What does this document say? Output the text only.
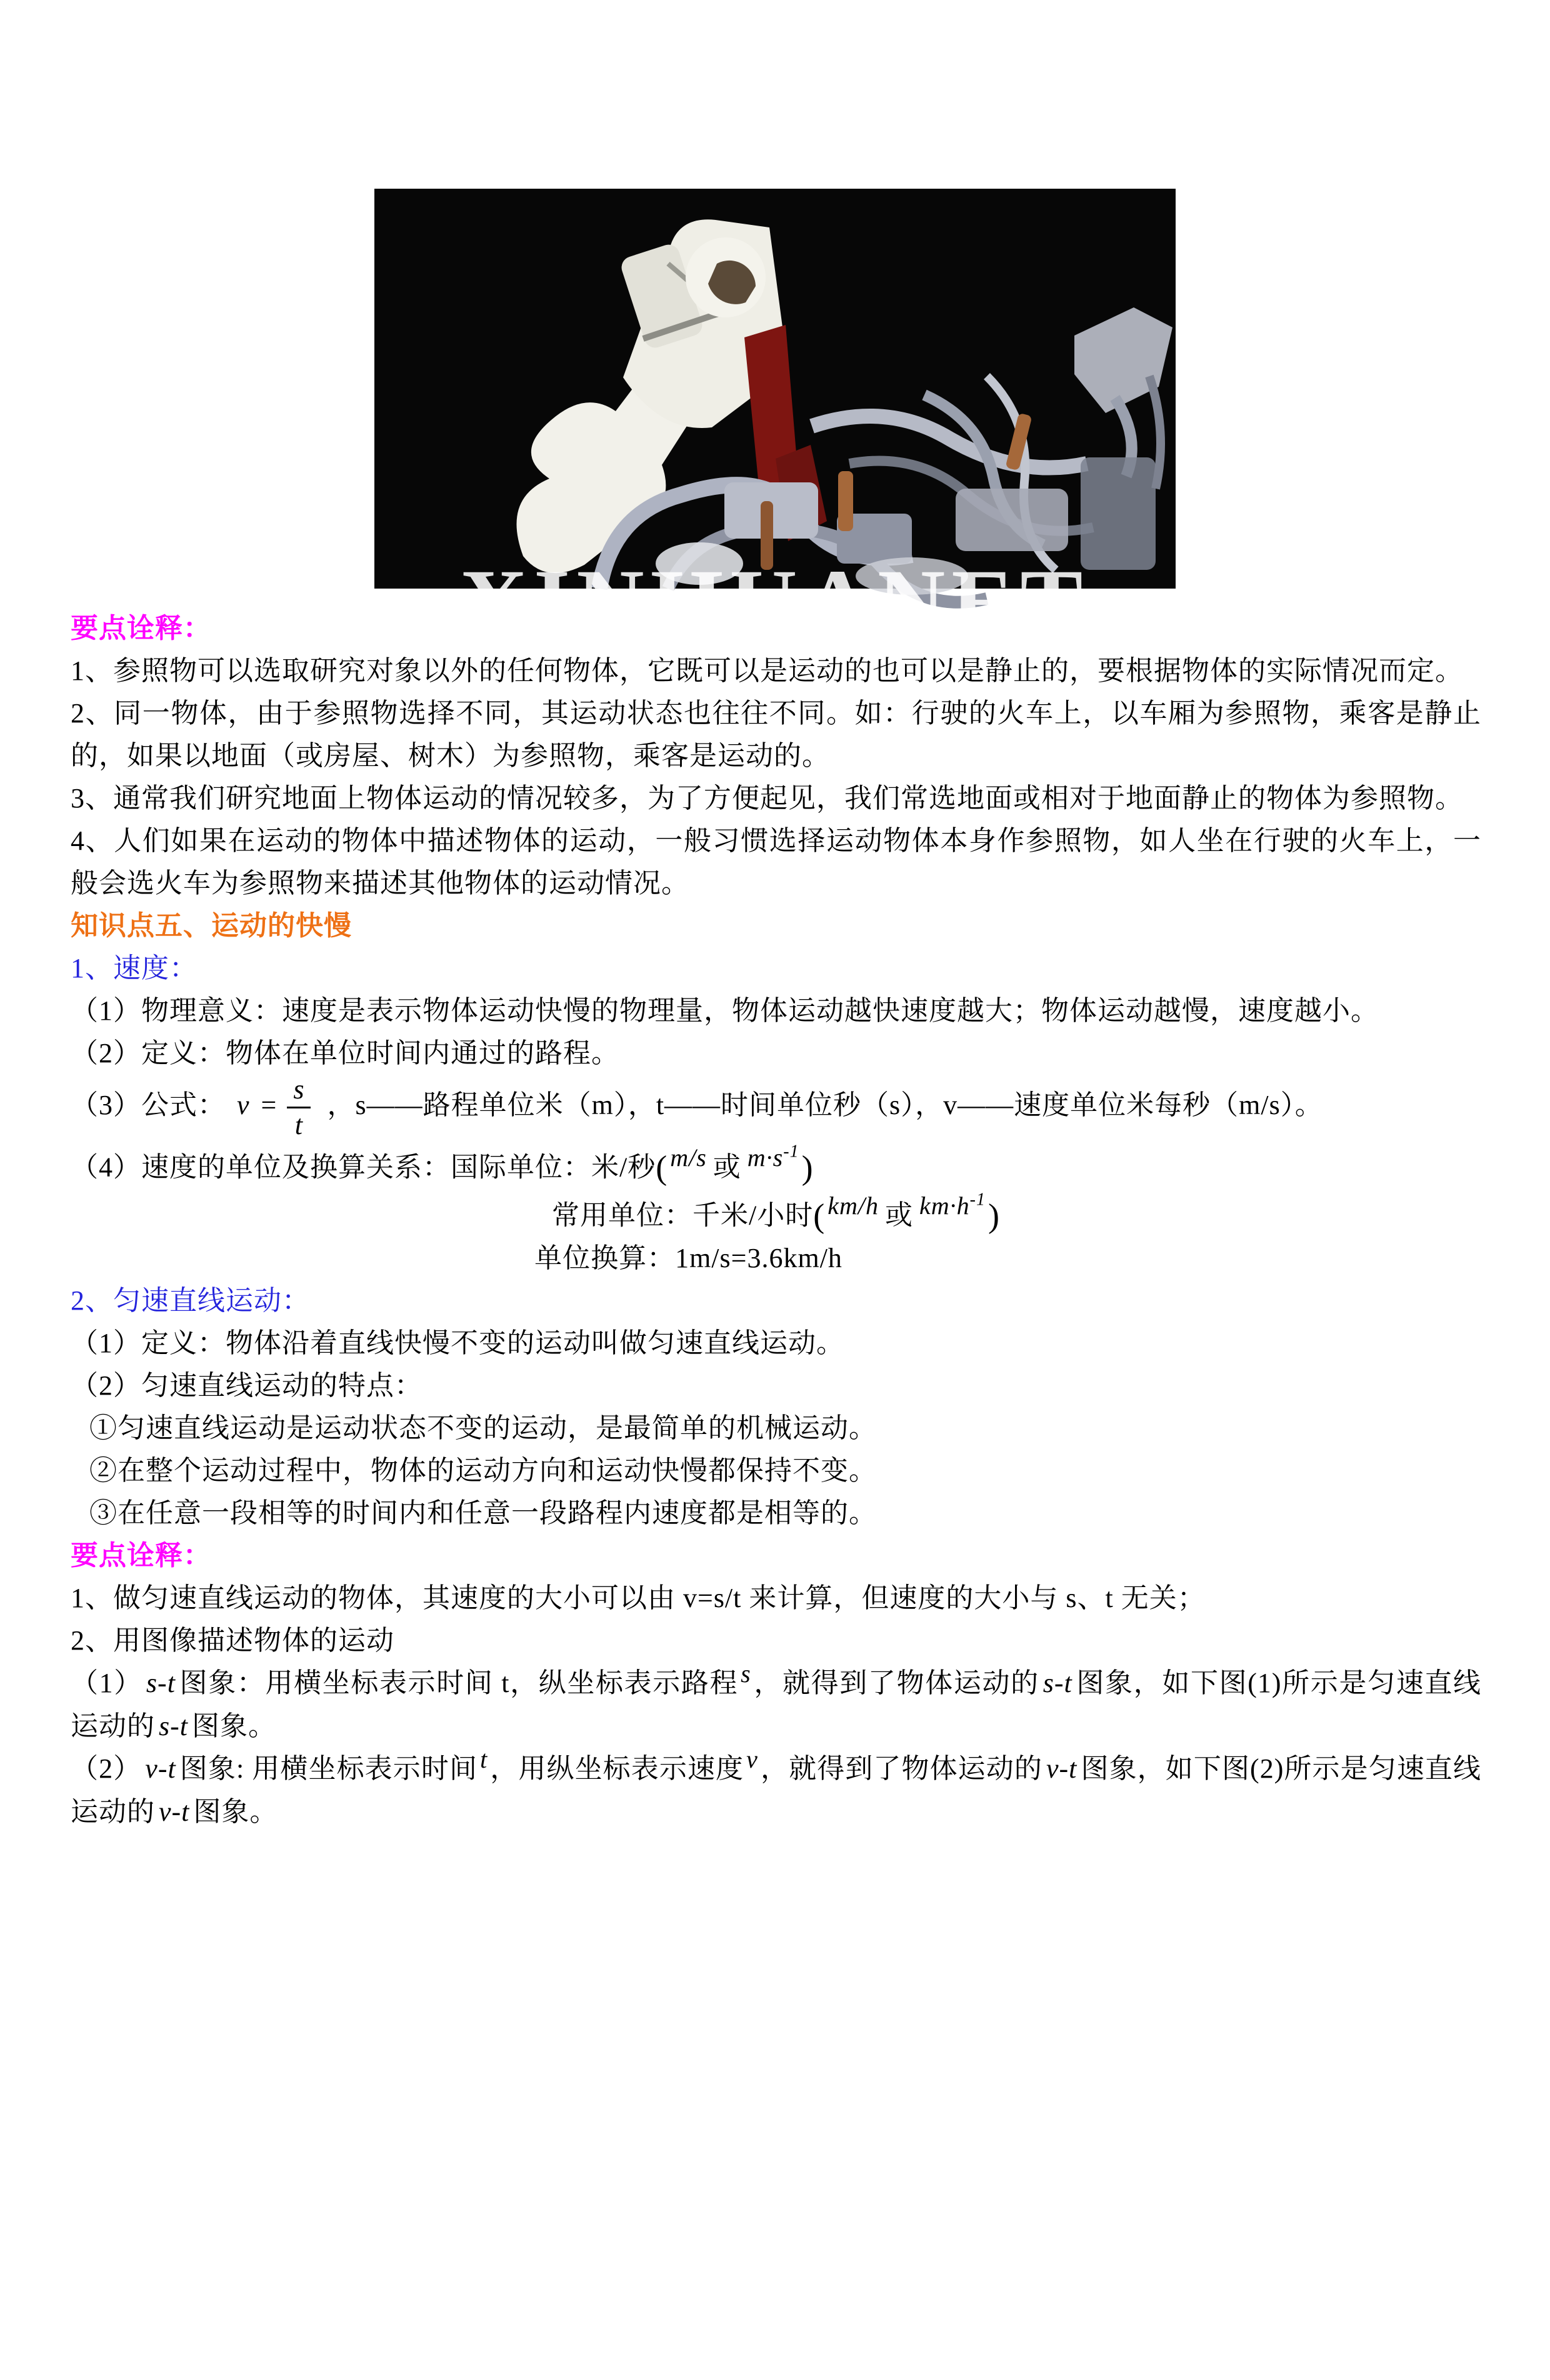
XINHUANET

要点诠释：

1、参照物可以选取研究对象以外的任何物体，它既可以是运动的也可以是静止的，要根据物体的实际情况而定。

2、同一物体，由于参照物选择不同，其运动状态也往往不同。如：行驶的火车上，以车厢为参照物，乘客是静止的，如果以地面（或房屋、树木）为参照物，乘客是运动的。

3、通常我们研究地面上物体运动的情况较多，为了方便起见，我们常选地面或相对于地面静止的物体为参照物。

4、人们如果在运动的物体中描述物体的运动，一般习惯选择运动物体本身作参照物，如人坐在行驶的火车上，一般会选火车为参照物来描述其他物体的运动情况。

知识点五、运动的快慢

1、速度：

（1）物理意义：速度是表示物体运动快慢的物理量，物体运动越快速度越大；物体运动越慢，速度越小。

（2）定义：物体在单位时间内通过的路程。

（3）公式： $v = \frac{s}{t}$ ，s——路程单位米（m），t——时间单位秒（s），v——速度单位米每秒（m/s）。

（4）速度的单位及换算关系：国际单位：米/秒( m/s 或 $m\cdot s^{-1}$)

常用单位：千米/小时( km/h 或 $km\cdot h^{-1}$)

单位换算：1m/s=3.6km/h

2、匀速直线运动：

（1）定义：物体沿着直线快慢不变的运动叫做匀速直线运动。

（2）匀速直线运动的特点：

①匀速直线运动是运动状态不变的运动，是最简单的机械运动。

②在整个运动过程中，物体的运动方向和运动快慢都保持不变。

③在任意一段相等的时间内和任意一段路程内速度都是相等的。

要点诠释：

1、做匀速直线运动的物体，其速度的大小可以由 v=s/t 来计算，但速度的大小与 s、t 无关；

2、用图像描述物体的运动

（1） s-t 图象：用横坐标表示时间 t，纵坐标表示路程 s，就得到了物体运动的 s-t 图象，如下图(1)所示是匀速直线运动的 s-t 图象。

（2） v-t 图象: 用横坐标表示时间 t，用纵坐标表示速度 v，就得到了物体运动的 v-t 图象，如下图(2)所示是匀速直线运动的 v-t 图象。
